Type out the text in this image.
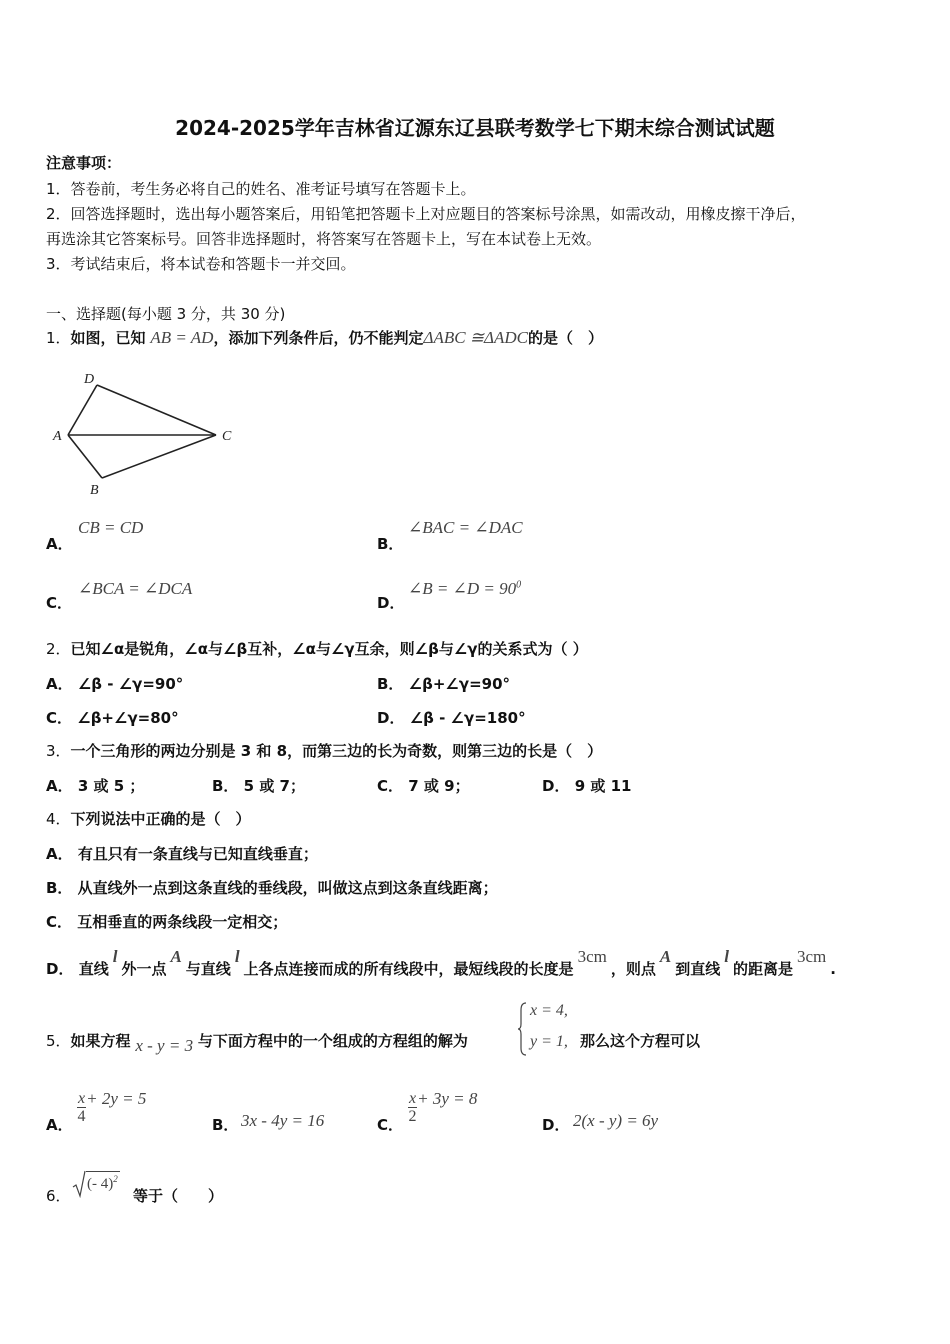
2024-2025学年吉林省辽源东辽县联考数学七下期末综合测试试题
注意事项：
1．答卷前，考生务必将自己的姓名、准考证号填写在答题卡上。
2．回答选择题时，选出每小题答案后，用铅笔把答题卡上对应题目的答案标号涂黑，如需改动，用橡皮擦干净后，
再选涂其它答案标号。回答非选择题时，将答案写在答题卡上，写在本试卷上无效。
3．考试结束后，将本试卷和答题卡一并交回。
一、选择题(每小题 3 分，共 30 分)
1．如图，已知 AB = AD，添加下列条件后，仍不能判定ΔABC ≅ΔADC的是（　）
D
A	C
B
A．
CB = CD
B．
∠BAC = ∠DAC
C．
∠BCA = ∠DCA
D．
∠B = ∠D = $90^0$
2．已知∠α是锐角，∠α与∠β互补，∠α与∠γ互余，则∠β与∠γ的关系式为（ ）
A． ∠β - ∠γ=90°	B． ∠β+∠γ=90°
C． ∠β+∠γ=80°	D． ∠β - ∠γ=180°
3．一个三角形的两边分别是 3 和 8，而第三边的长为奇数，则第三边的长是（　）
A． 3 或 5 ；	B． 5 或 7；	C． 7 或 9；	D． 9 或 11
4．下列说法中正确的是（　）
A． 有且只有一条直线与已知直线垂直；
B． 从直线外一点到这条直线的垂线段，叫做这点到这条直线距离；
C． 互相垂直的两条线段一定相交；
D． 直线l外一点A与直线l上各点连接而成的所有线段中，最短线段的长度是3cm，则点A到直线l的距离是3cm.
5．如果方程 x - y = 3 与下面方程中的一个组成的方程组的解为
x = 4,
y = 1, 那么这个方程可以
A． $\frac{x}{4} + 2y = 5$
B． 3x - 4y = 16	C． $\frac{x}{2} + 3y = 8$
D． 2(x - y) = 6y
6．
(- 4)$^2$
等于（　　）
